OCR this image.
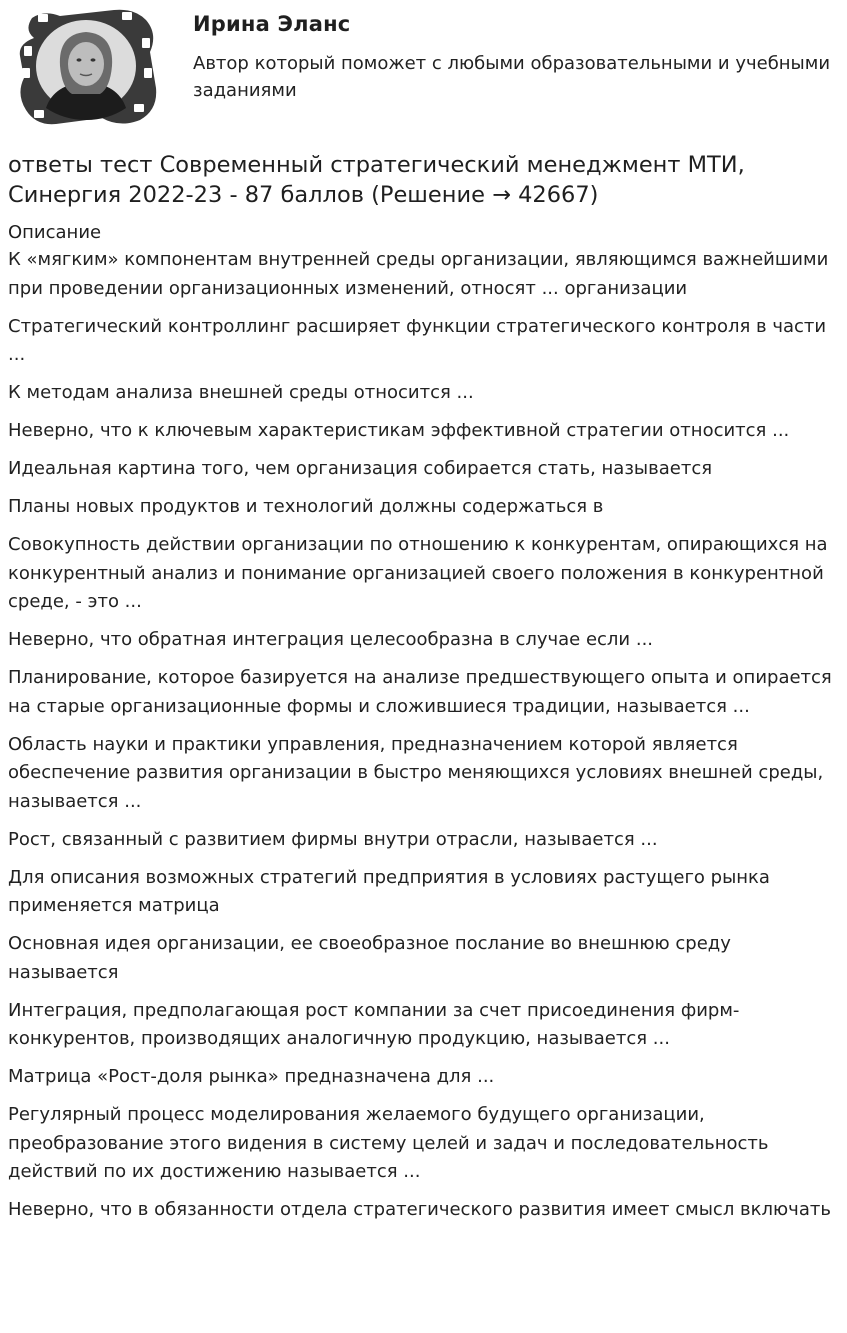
Ирина Эланс
Автор который поможет с любыми образовательными и учебными заданиями
ответы тест Современный стратегический менеджмент МТИ, Синергия 2022-23 - 87 баллов (Решение → 42667)
Описание
К «мягким» компонентам внутренней среды организации, являющимся важнейшими при проведении организационных изменений, относят ... организации
Стратегический контроллинг расширяет функции стратегического контроля в части ...
К методам анализа внешней среды относится ...
Неверно, что к ключевым характеристикам эффективной стратегии относится ...
Идеальная картина того, чем организация собирается стать, называется
Планы новых продуктов и технологий должны содержаться в
Совокупность действии организации по отношению к конкурентам, опирающихся на конкурентный анализ и понимание организацией своего положения в конкурентной среде, - это ...
Неверно, что обратная интеграция целесообразна в случае если ...
Планирование, которое базируется на анализе предшествующего опыта и опирается на старые организационные формы и сложившиеся традиции, называется ...
Область науки и практики управления, предназначением которой является обеспечение развития организации в быстро меняющихся условиях внешней среды, называется ...
Рост, связанный с развитием фирмы внутри отрасли, называется ...
Для описания возможных стратегий предприятия в условиях растущего рынка применяется матрица
Основная идея организации, ее своеобразное послание во внешнюю среду называется
Интеграция, предполагающая рост компании за счет присоединения фирм-конкурентов, производящих аналогичную продукцию, называется ...
Матрица «Рост-доля рынка» предназначена для ...
Регулярный процесс моделирования желаемого будущего организации, преобразование этого видения в систему целей и задач и последовательность действий по их достижению называется ...
Неверно, что в обязанности отдела стратегического развития имеет смысл включать
